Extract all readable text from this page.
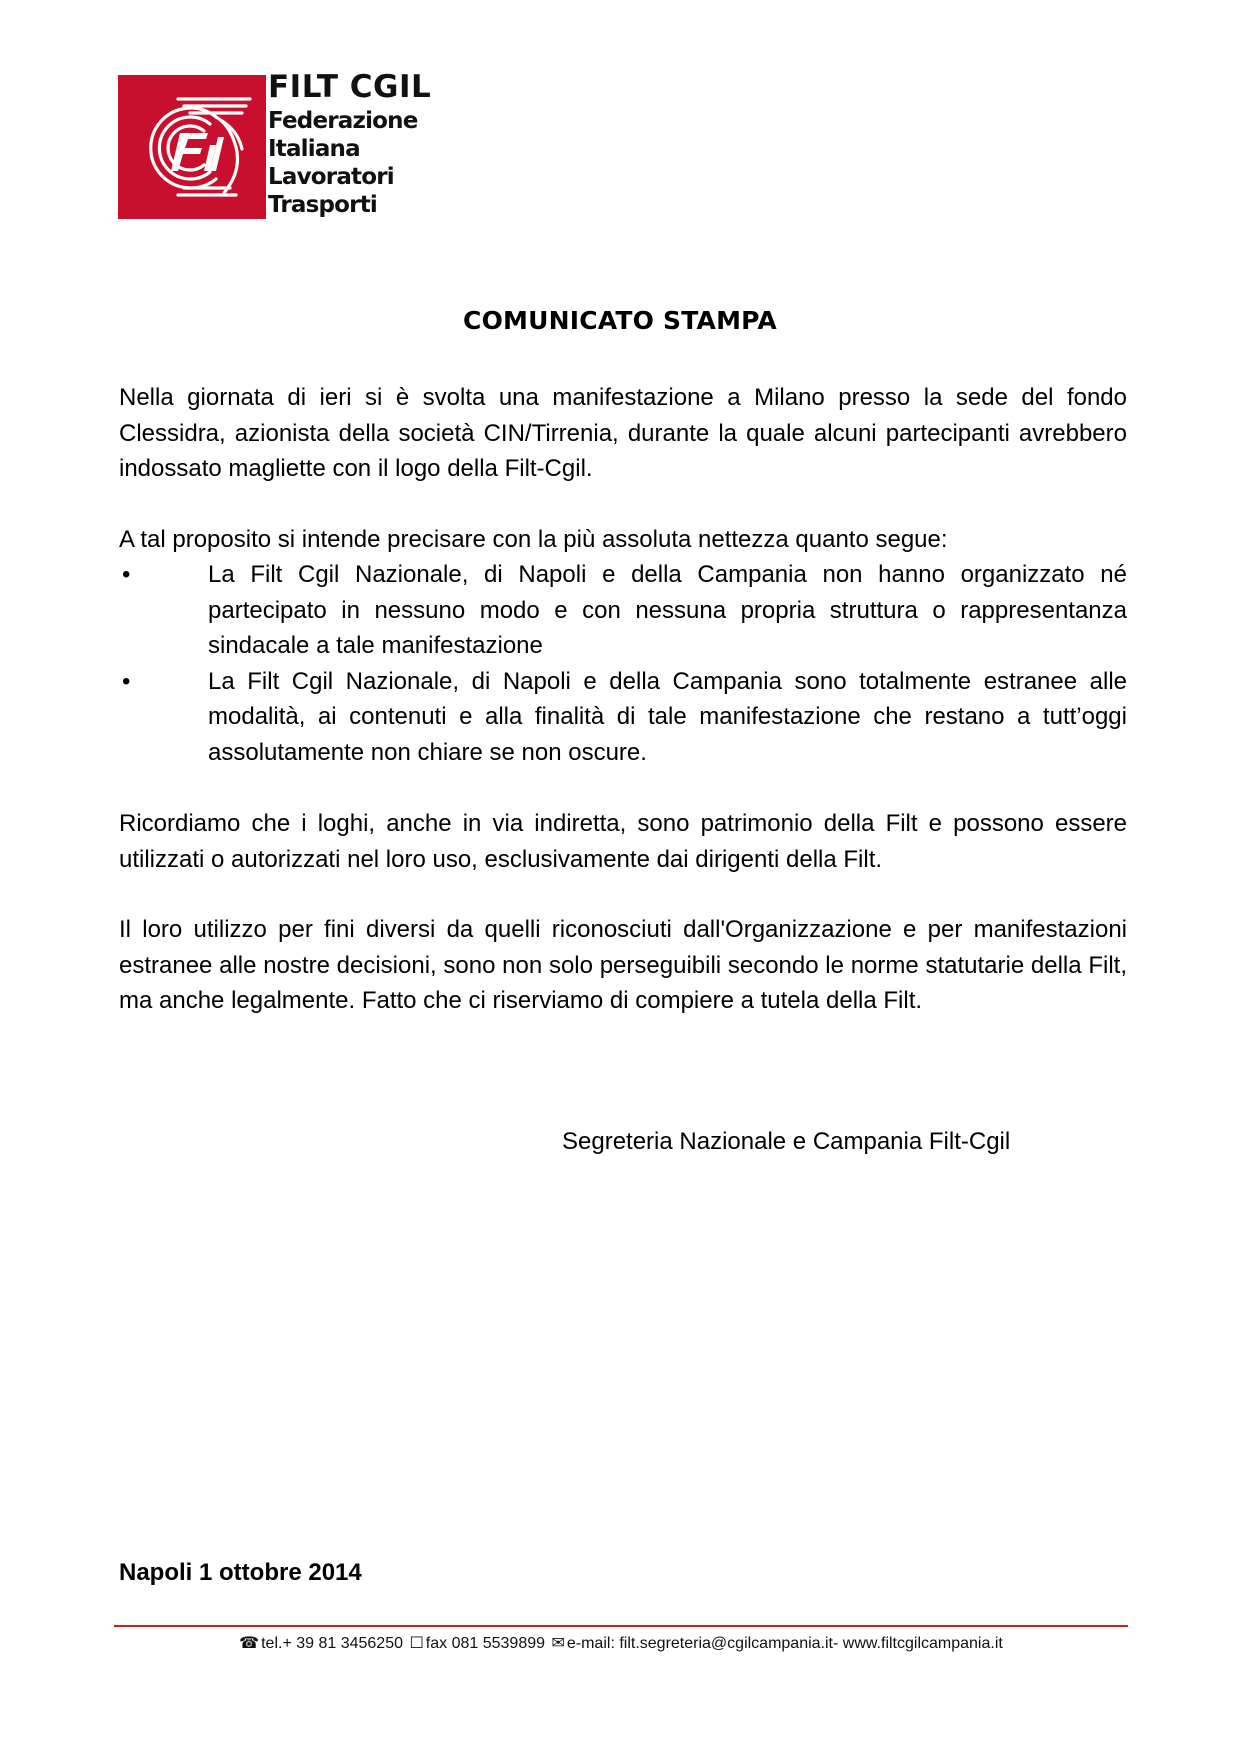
FILT CGIL
Federazione
Italiana
Lavoratori
Trasporti
COMUNICATO STAMPA

Nella giornata di ieri si è svolta una manifestazione a Milano presso la sede del fondo Clessidra, azionista della società CIN/Tirrenia, durante la quale alcuni partecipanti avrebbero indossato magliette con il logo della Filt-Cgil.

A tal proposito si intende precisare con la più assoluta nettezza quanto segue:

•	La Filt Cgil Nazionale, di Napoli e della Campania non hanno organizzato né partecipato in nessuno modo e con nessuna propria struttura o rappresentanza sindacale a tale manifestazione
•	La Filt Cgil Nazionale, di Napoli e della Campania sono totalmente estranee alle modalità, ai contenuti e alla finalità di tale manifestazione che restano a tutt’oggi assolutamente non chiare se non oscure.

Ricordiamo che i loghi, anche in via indiretta, sono patrimonio della Filt e possono essere utilizzati o autorizzati nel loro uso, esclusivamente dai dirigenti della Filt.

Il loro utilizzo per fini diversi da quelli riconosciuti dall'Organizzazione e per manifestazioni estranee alle nostre decisioni, sono non solo perseguibili secondo le norme statutarie della Filt, ma anche legalmente. Fatto che ci riserviamo di compiere a tutela della Filt.

Segreteria Nazionale e Campania Filt-Cgil
Napoli 1 ottobre 2014
☎ tel.+ 39 81 3456250 ☐ fax 081 5539899 ✉ e-mail: filt.segreteria@cgilcampania.it- www.filtcgilcampania.it
